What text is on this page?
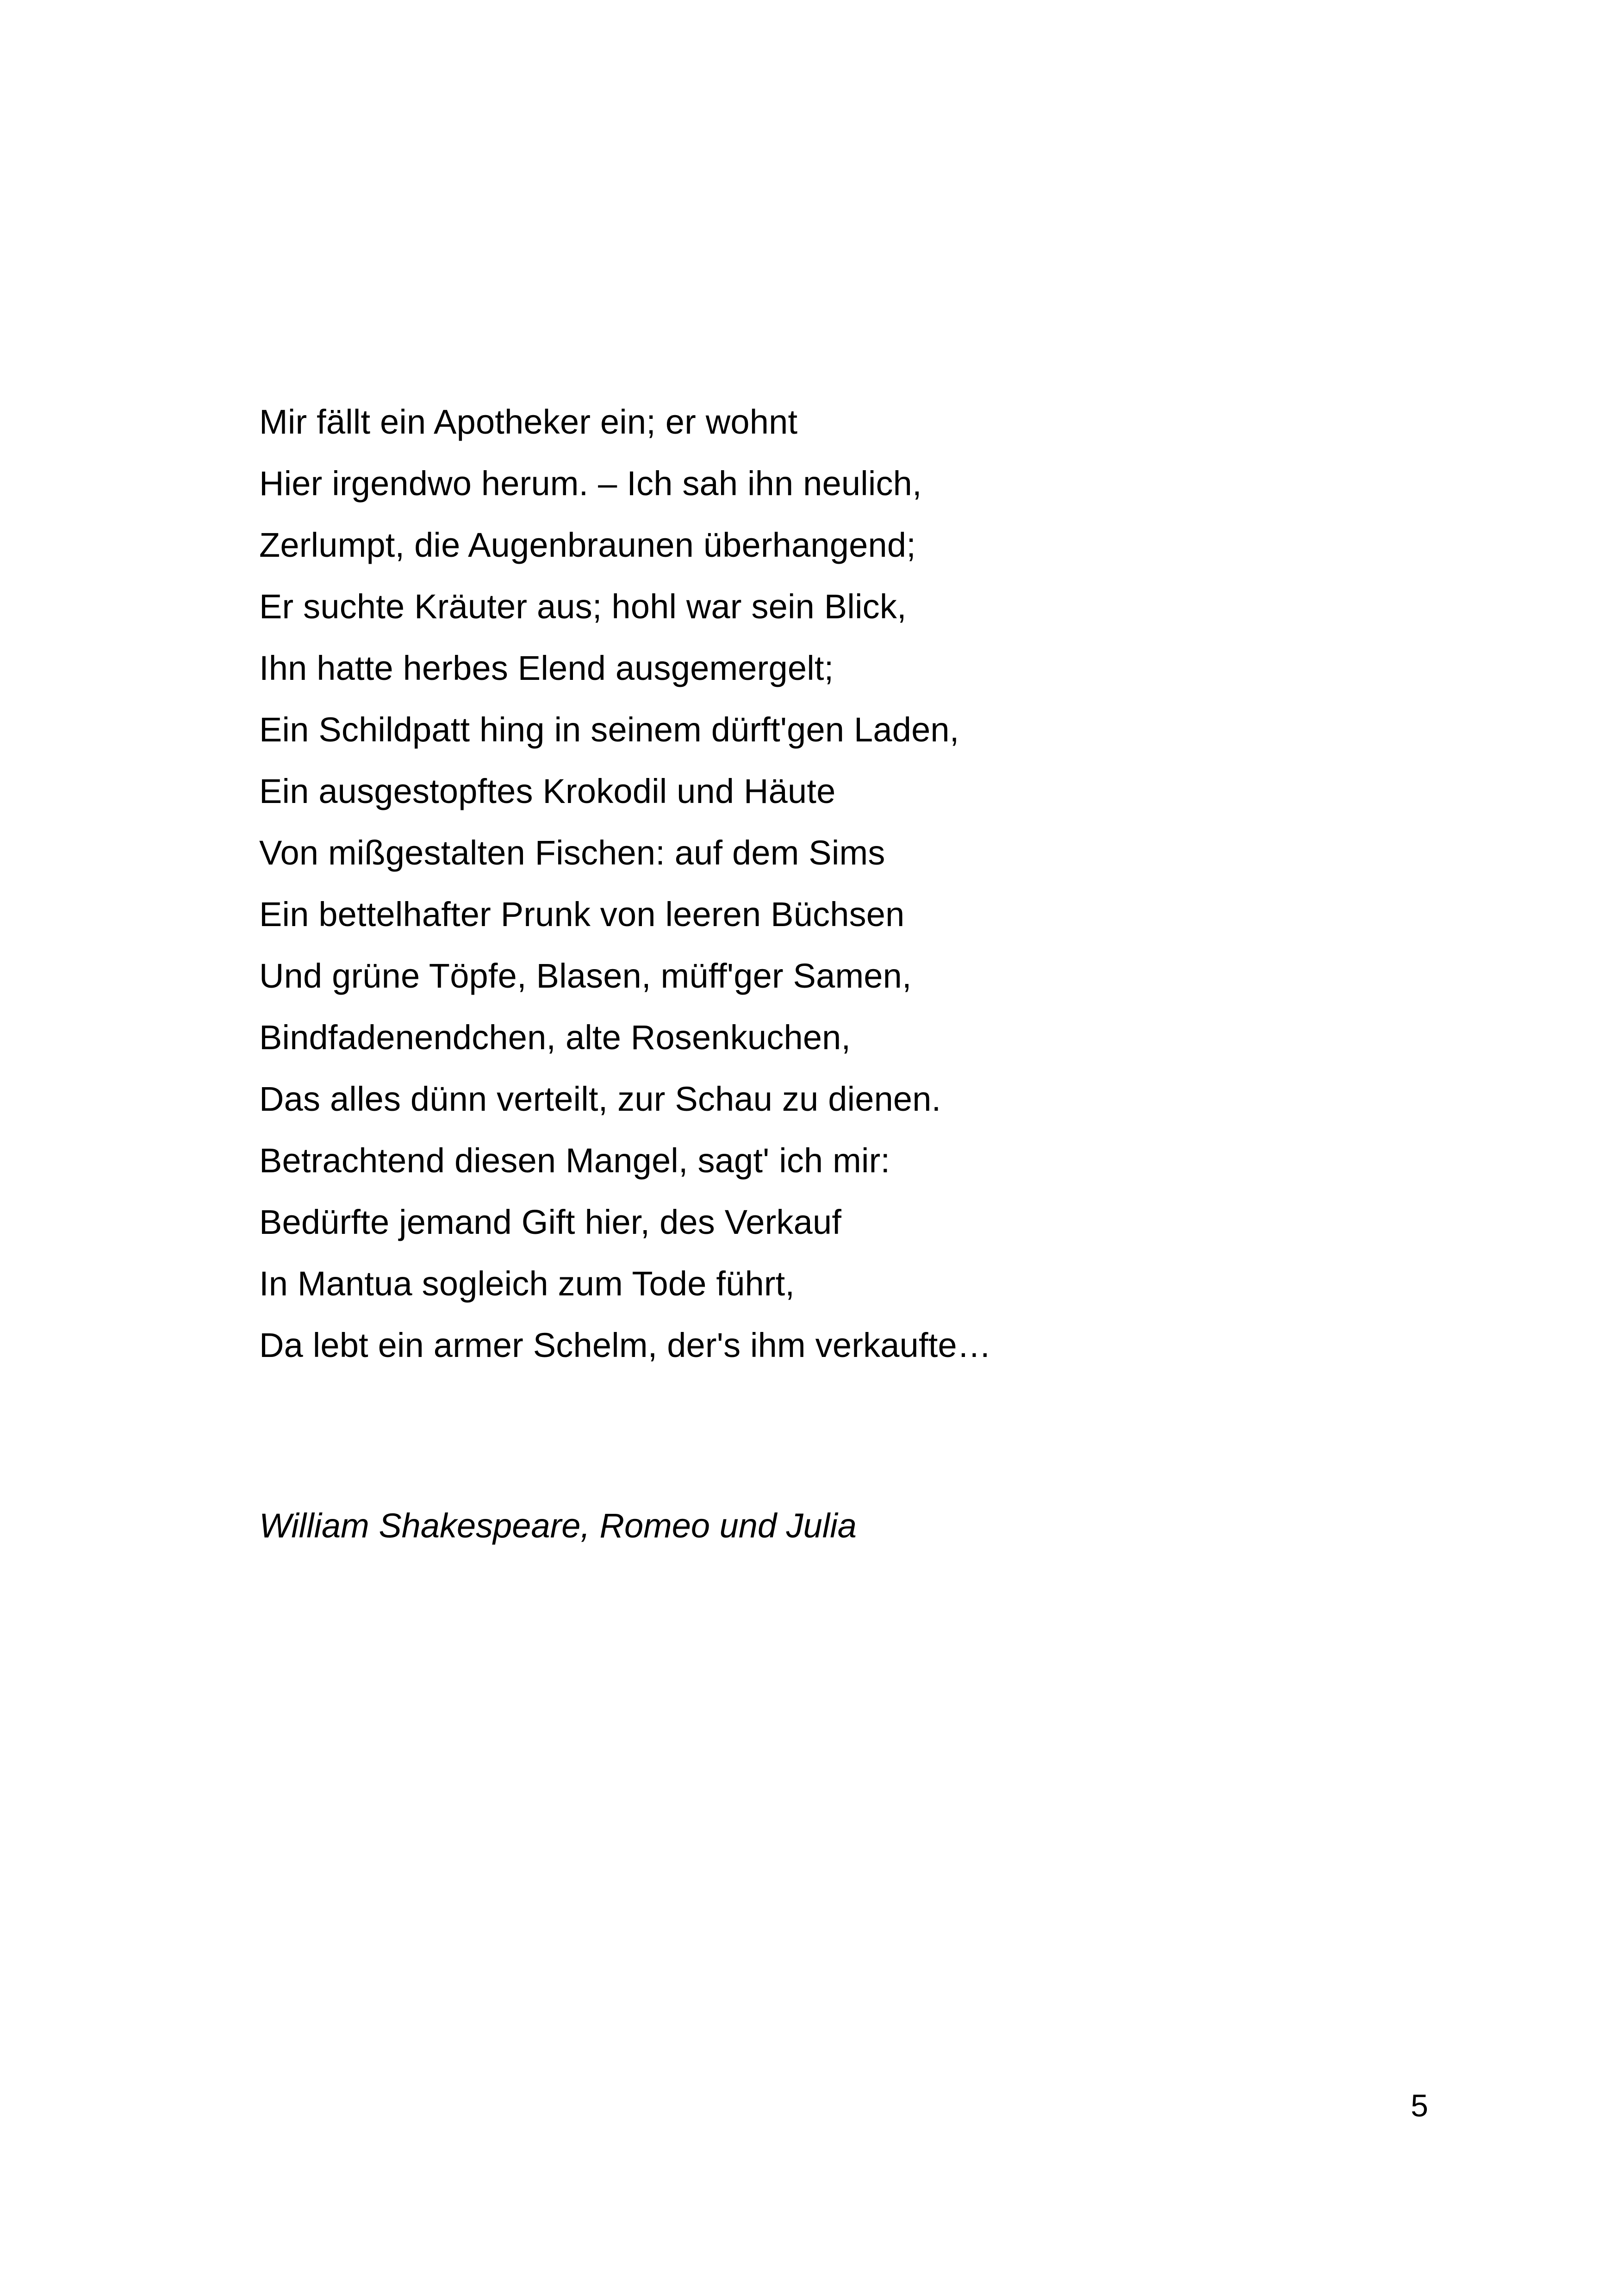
Mir fällt ein Apotheker ein; er wohnt
Hier irgendwo herum. – Ich sah ihn neulich,
Zerlumpt, die Augenbraunen überhangend;
Er suchte Kräuter aus; hohl war sein Blick,
Ihn hatte herbes Elend ausgemergelt;
Ein Schildpatt hing in seinem dürft'gen Laden,
Ein ausgestopftes Krokodil und Häute
Von mißgestalten Fischen: auf dem Sims
Ein bettelhafter Prunk von leeren Büchsen
Und grüne Töpfe, Blasen, müff'ger Samen,
Bindfadenendchen, alte Rosenkuchen,
Das alles dünn verteilt, zur Schau zu dienen.
Betrachtend diesen Mangel, sagt' ich mir:
Bedürfte jemand Gift hier, des Verkauf
In Mantua sogleich zum Tode führt,
Da lebt ein armer Schelm, der's ihm verkaufte…
William Shakespeare, Romeo und Julia
5
